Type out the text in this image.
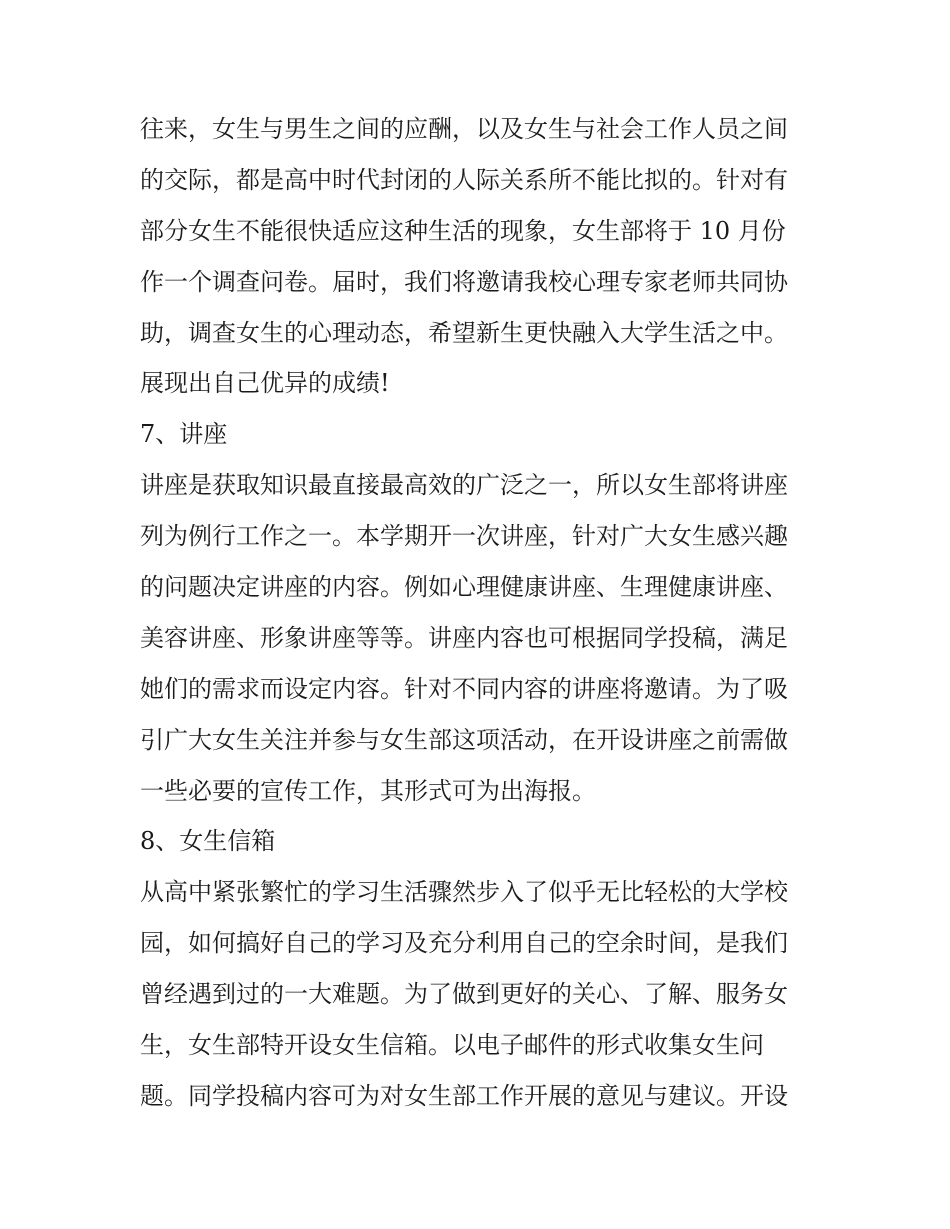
往来，女生与男生之间的应酬，以及女生与社会工作人员之间
的交际，都是高中时代封闭的人际关系所不能比拟的。针对有
部分女生不能很快适应这种生活的现象，女生部将于 10 月份
作一个调查问卷。届时，我们将邀请我校心理专家老师共同协
助，调查女生的心理动态，希望新生更快融入大学生活之中。
展现出自己优异的成绩!
7、讲座
讲座是获取知识最直接最高效的广泛之一，所以女生部将讲座
列为例行工作之一。本学期开一次讲座，针对广大女生感兴趣
的问题决定讲座的内容。例如心理健康讲座、生理健康讲座、
美容讲座、形象讲座等等。讲座内容也可根据同学投稿，满足
她们的需求而设定内容。针对不同内容的讲座将邀请。为了吸
引广大女生关注并参与女生部这项活动，在开设讲座之前需做
一些必要的宣传工作，其形式可为出海报。
8、女生信箱
从高中紧张繁忙的学习生活骤然步入了似乎无比轻松的大学校
园，如何搞好自己的学习及充分利用自己的空余时间，是我们
曾经遇到过的一大难题。为了做到更好的关心、了解、服务女
生，女生部特开设女生信箱。以电子邮件的形式收集女生问
题。同学投稿内容可为对女生部工作开展的意见与建议。开设
